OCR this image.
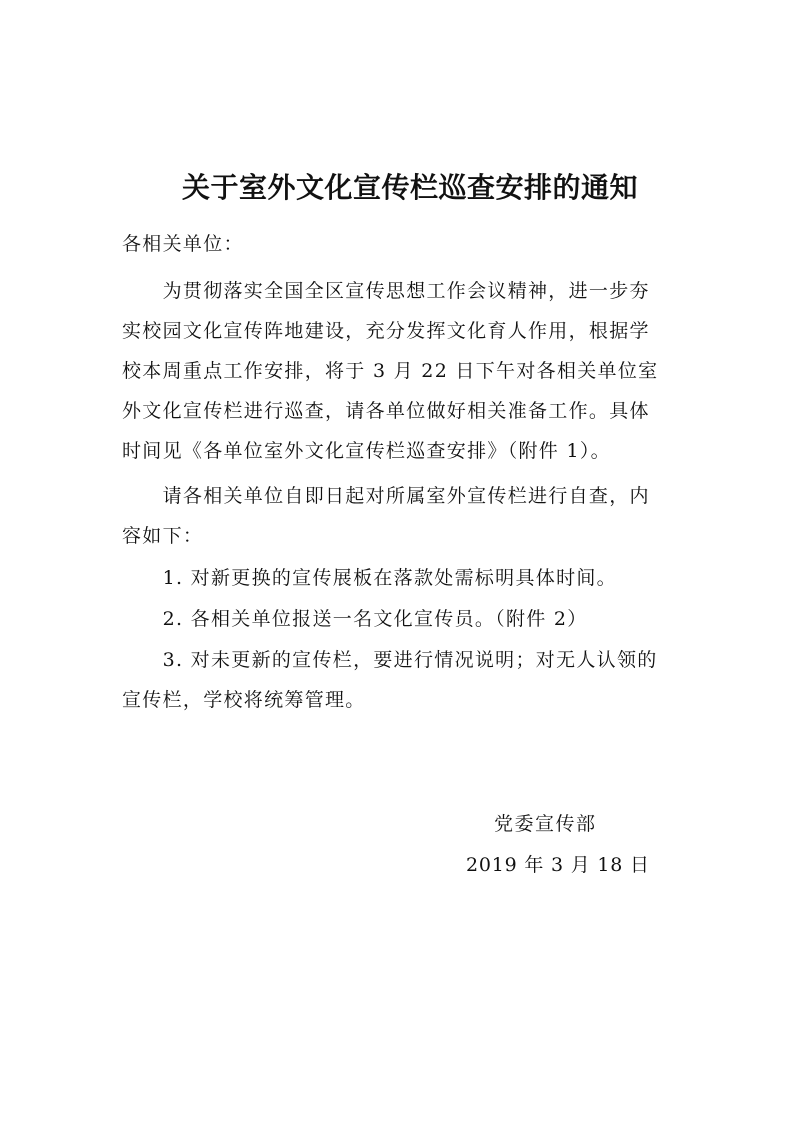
关于室外文化宣传栏巡查安排的通知
各相关单位：
　　为贯彻落实全国全区宣传思想工作会议精神，进一步夯
实校园文化宣传阵地建设，充分发挥文化育人作用，根据学
校本周重点工作安排，将于 3 月 22 日下午对各相关单位室
外文化宣传栏进行巡查，请各单位做好相关准备工作。具体
时间见《各单位室外文化宣传栏巡查安排》（附件 1）。
　　请各相关单位自即日起对所属室外宣传栏进行自查，内
容如下：
　　1. 对新更换的宣传展板在落款处需标明具体时间。
　　2. 各相关单位报送一名文化宣传员。（附件 2）
　　3. 对未更新的宣传栏，要进行情况说明；对无人认领的
宣传栏，学校将统筹管理。
党委宣传部
2019 年 3 月 18 日
